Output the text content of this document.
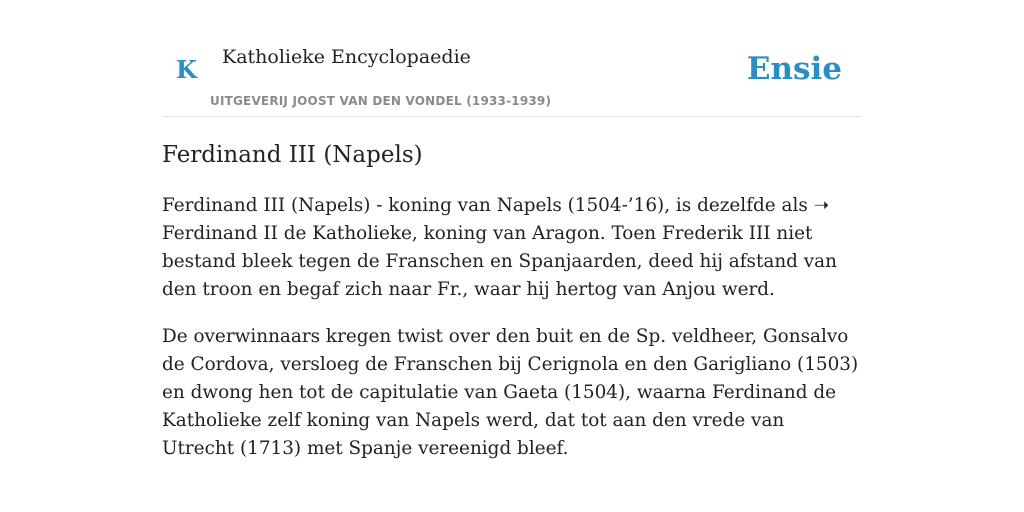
K Katholieke Encyclopaedie
UITGEVERIJ JOOST VAN DEN VONDEL (1933-1939)
Ensie
Ferdinand III (Napels)

Ferdinand III (Napels) - koning van Napels (1504-’16), is dezelfde als ➝ Ferdinand II de Katholieke, koning van Aragon. Toen Frederik III niet bestand bleek tegen de Franschen en Spanjaarden, deed hij afstand van den troon en begaf zich naar Fr., waar hij hertog van Anjou werd.

De overwinnaars kregen twist over den buit en de Sp. veldheer, Gonsalvo de Cordova, versloeg de Franschen bij Cerignola en den Garigliano (1503) en dwong hen tot de capitulatie van Gaeta (1504), waarna Ferdinand de Katholieke zelf koning van Napels werd, dat tot aan den vrede van Utrecht (1713) met Spanje vereenigd bleef.
